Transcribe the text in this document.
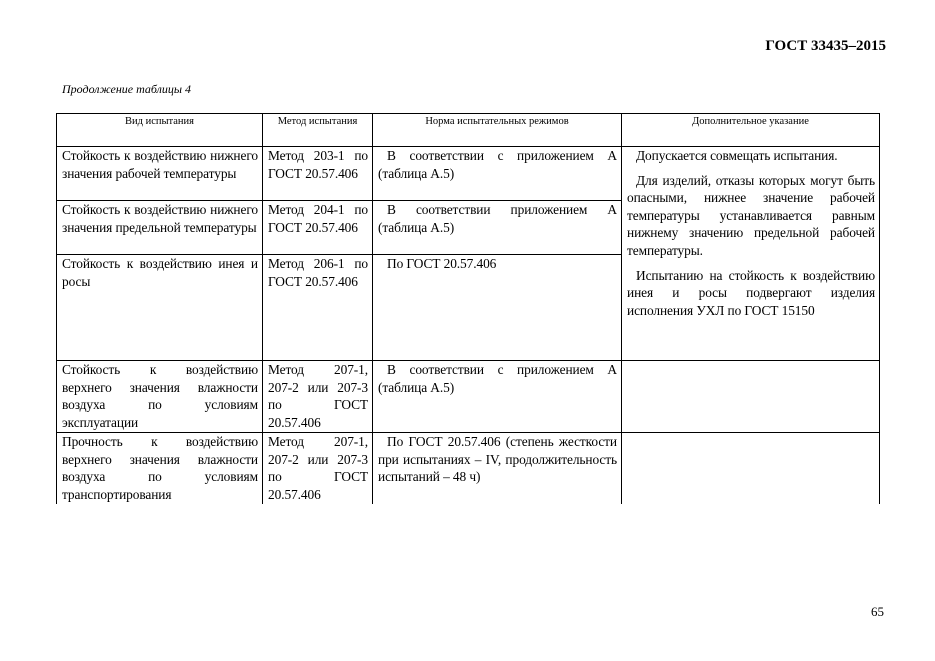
ГОСТ 33435–2015
Продолжение таблицы 4
Вид испытания	Метод испытания	Норма испытательных режимов	Дополнительное указание
Стойкость к воздействию нижнего значения рабочей температуры	Метод 203-1 по ГОСТ 20.57.406	В соответствии с приложением А (таблица А.5)	Допускается совмещать испытания.

Для изделий, отказы которых могут быть опасными, нижнее значение рабочей температуры устанавливается равным нижнему значению предельной рабочей температуры.

Испытанию на стойкость к воздействию инея и росы подвергают изделия исполнения УХЛ по ГОСТ 15150

Стойкость к воздействию нижнего значения предельной температуры	Метод 204-1 по ГОСТ 20.57.406	В соответствии приложением А (таблица А.5)	
Стойкость к воздействию инея и росы	Метод 206-1 по ГОСТ 20.57.406	По ГОСТ 20.57.406	
Стойкость к воздействию верхнего значения влажности воздуха по условиям эксплуатации	Метод 207-1, 207-2 или 207-3 по ГОСТ 20.57.406	В соответствии с приложением А (таблица А.5)	
Прочность к воздействию верхнего значения влажности воздуха по условиям транспортирования	Метод 207-1, 207-2 или 207-3 по ГОСТ 20.57.406	По ГОСТ 20.57.406 (степень жесткости при испытаниях – IV, продолжительность испытаний – 48 ч)	
65
